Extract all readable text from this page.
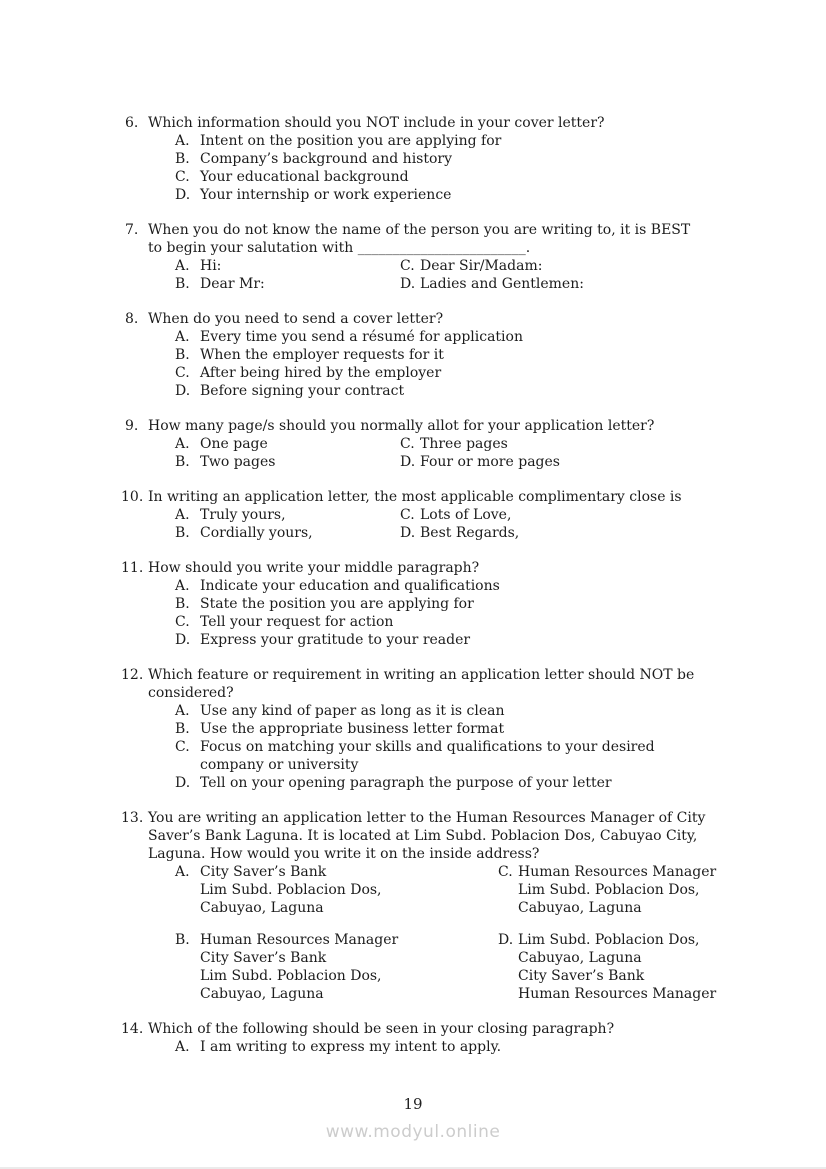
6. Which information should you NOT include in your cover letter?
A. Intent on the position you are applying for
B. Company’s background and history
C. Your educational background
D. Your internship or work experience
7. When you do not know the name of the person you are writing to, it is BEST
to begin your salutation with ________________________.
A. Hi:	C. Dear Sir/Madam:
B. Dear Mr:	D. Ladies and Gentlemen:
8. When do you need to send a cover letter?
A. Every time you send a résumé for application
B. When the employer requests for it
C. After being hired by the employer
D. Before signing your contract
9. How many page/s should you normally allot for your application letter?
A. One page	C. Three pages
B. Two pages	D. Four or more pages
10. In writing an application letter, the most applicable complimentary close is
A. Truly yours,	C. Lots of Love,
B. Cordially yours,	D. Best Regards,
11. How should you write your middle paragraph?
A. Indicate your education and qualifications
B. State the position you are applying for
C. Tell your request for action
D. Express your gratitude to your reader
12. Which feature or requirement in writing an application letter should NOT be
considered?
A. Use any kind of paper as long as it is clean
B. Use the appropriate business letter format
C. Focus on matching your skills and qualifications to your desired
company or university
D. Tell on your opening paragraph the purpose of your letter
13. You are writing an application letter to the Human Resources Manager of City
Saver’s Bank Laguna. It is located at Lim Subd. Poblacion Dos, Cabuyao City,
Laguna. How would you write it on the inside address?
A. City Saver’s Bank
Lim Subd. Poblacion Dos,
Cabuyao, Laguna
C. Human Resources Manager
Lim Subd. Poblacion Dos,
Cabuyao, Laguna
B. Human Resources Manager
City Saver’s Bank
Lim Subd. Poblacion Dos,
Cabuyao, Laguna
D. Lim Subd. Poblacion Dos,
Cabuyao, Laguna
City Saver’s Bank
Human Resources Manager
14. Which of the following should be seen in your closing paragraph?
A. I am writing to express my intent to apply.
19
www.modyul.online
